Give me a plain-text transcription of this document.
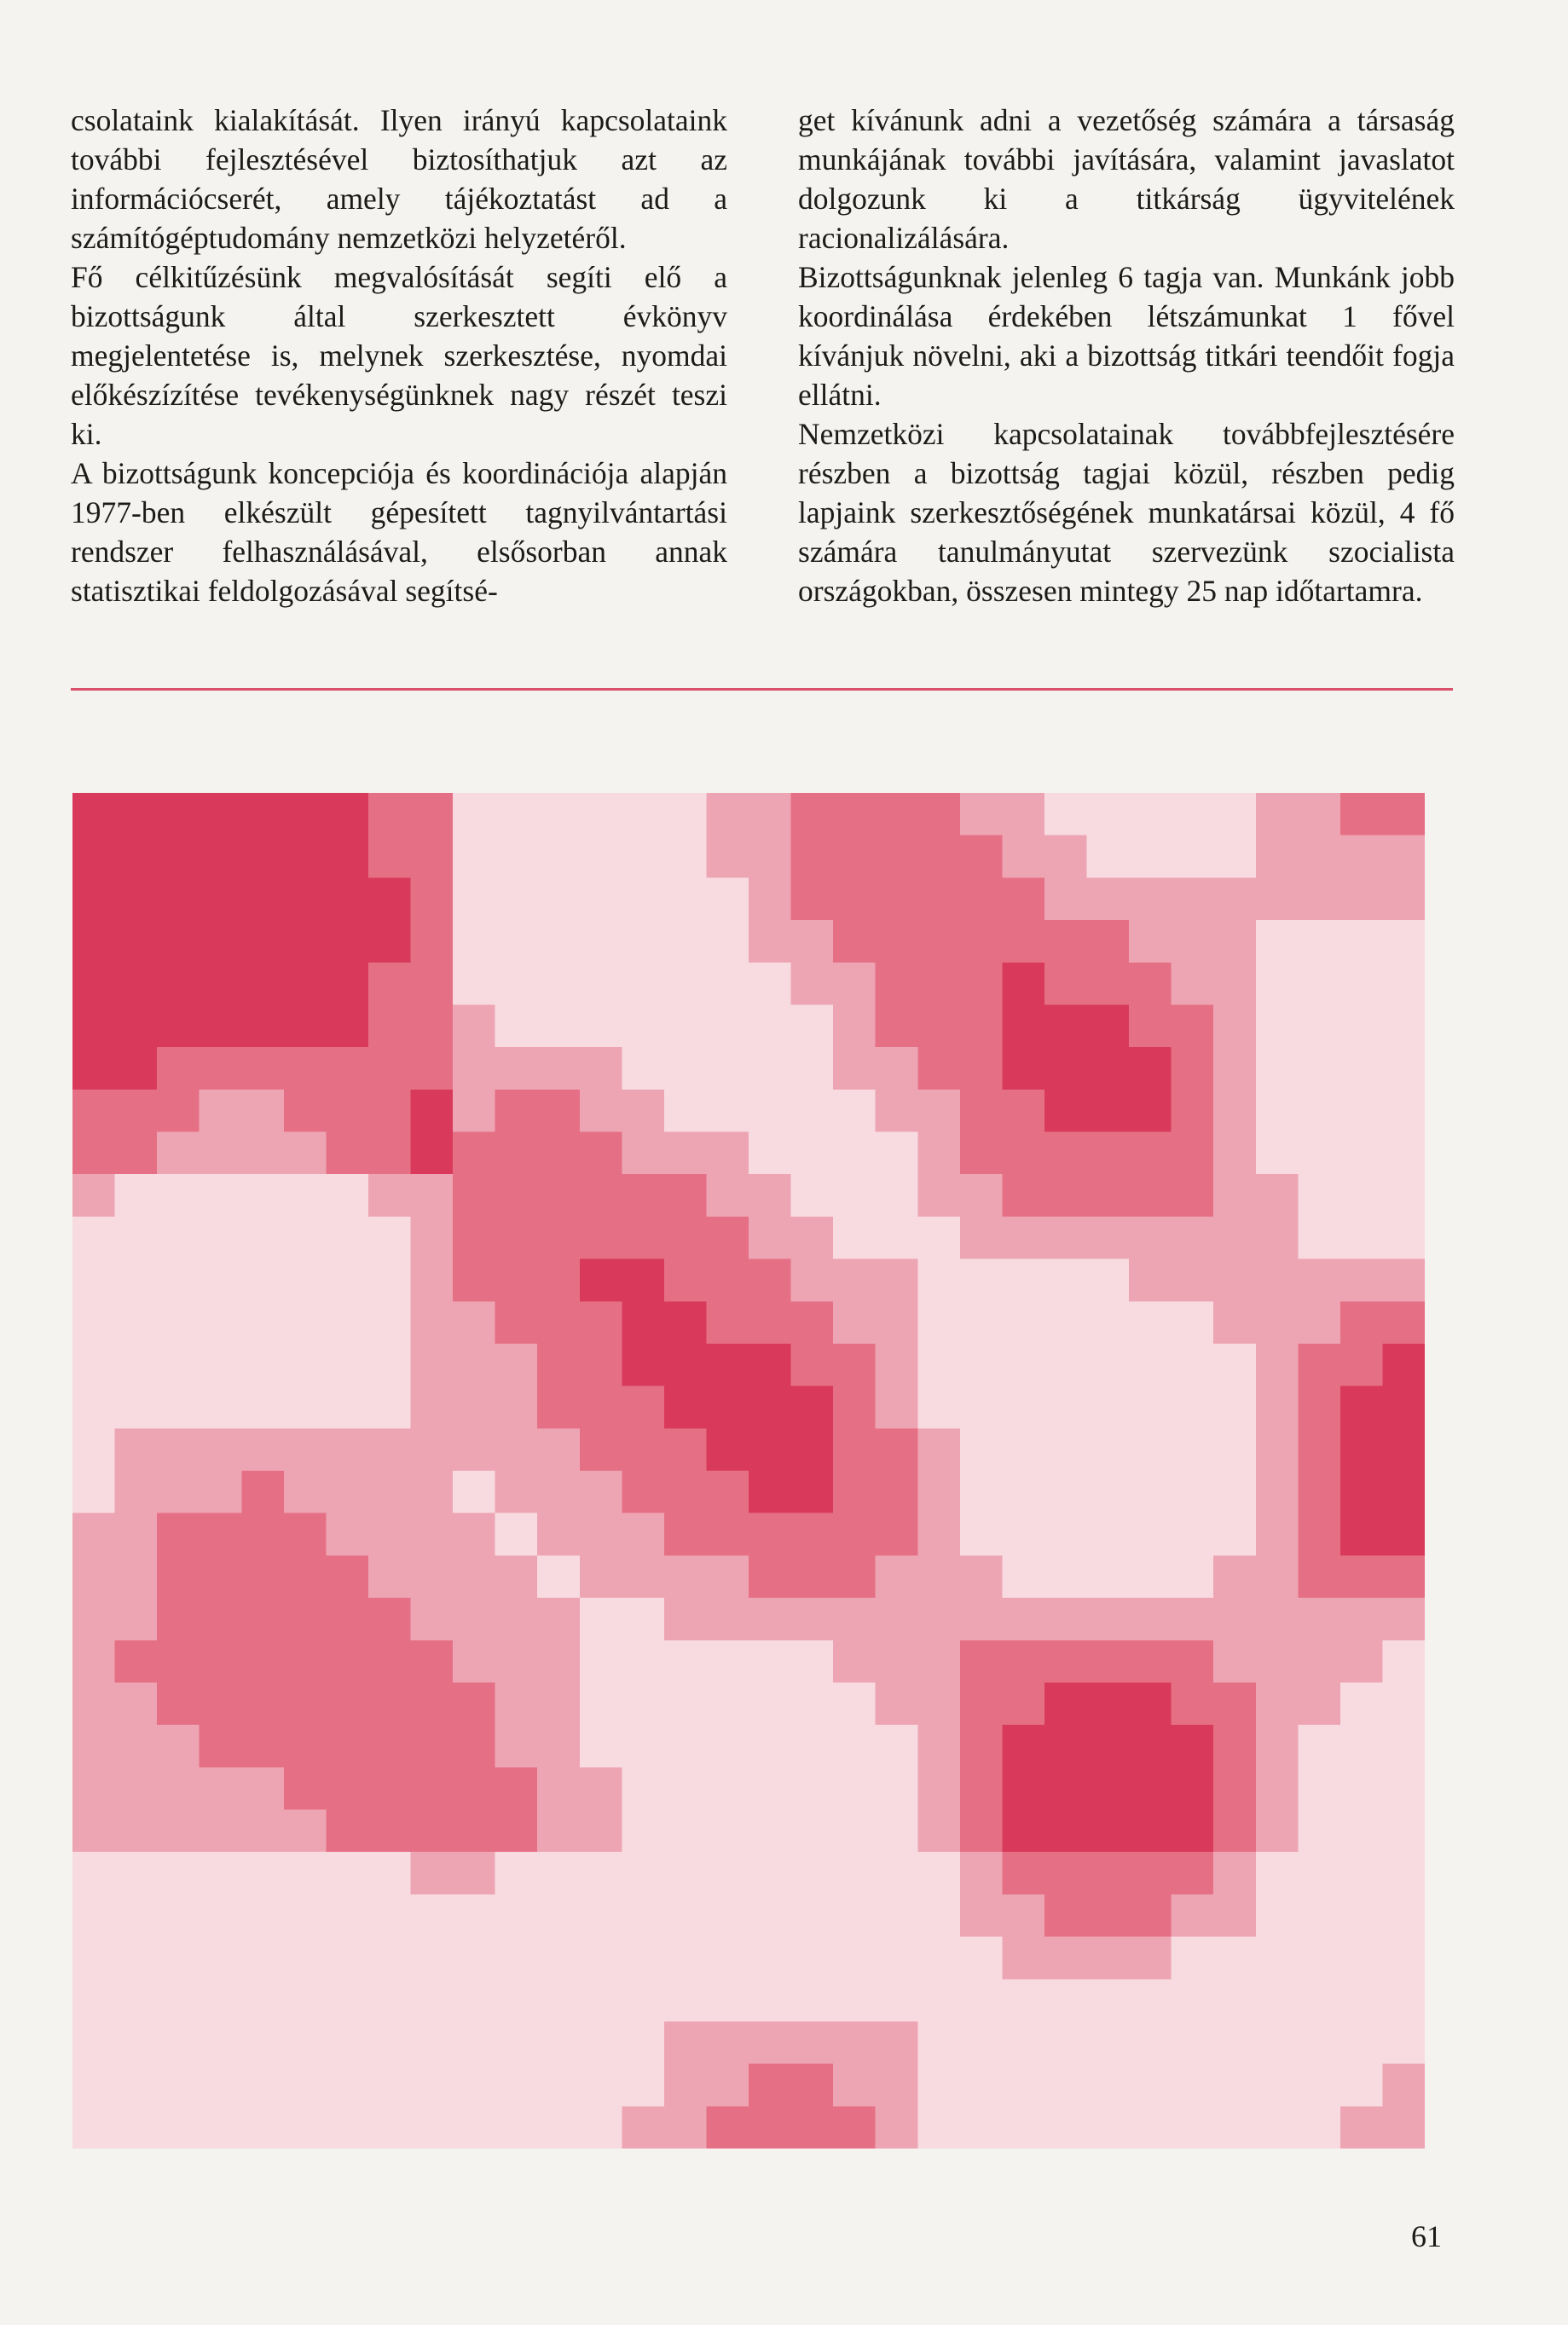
csolataink kialakítását. Ilyen irányú kapcsolataink további fejlesztésével biztosíthatjuk azt az információcserét, amely tájékoztatást ad a számítógéptudomány nemzetközi helyzetéről.

Fő célkitűzésünk megvalósítását segíti elő a bizottságunk által szerkesztett évkönyv megjelentetése is, melynek szerkesztése, nyomdai előkészízítése tevékenységünknek nagy részét teszi ki.

A bizottságunk koncepciója és koordinációja alapján 1977-ben elkészült gépesített tagnyilvántartási rendszer felhasználásával, elsősorban annak statisztikai feldolgozásával segítsé-

get kívánunk adni a vezetőség számára a társaság munkájának további javítására, valamint javaslatot dolgozunk ki a titkárság ügyvitelének racionalizálására.

Bizottságunknak jelenleg 6 tagja van. Munkánk jobb koordinálása érdekében létszámunkat 1 fővel kívánjuk növelni, aki a bizottság titkári teendőit fogja ellátni.

Nemzetközi kapcsolatainak továbbfejlesztésére részben a bizottság tagjai közül, részben pedig lapjaink szerkesztőségének munkatársai közül, 4 fő számára tanulmányutat szervezünk szocialista országokban, összesen mintegy 25 nap időtartamra.

61
